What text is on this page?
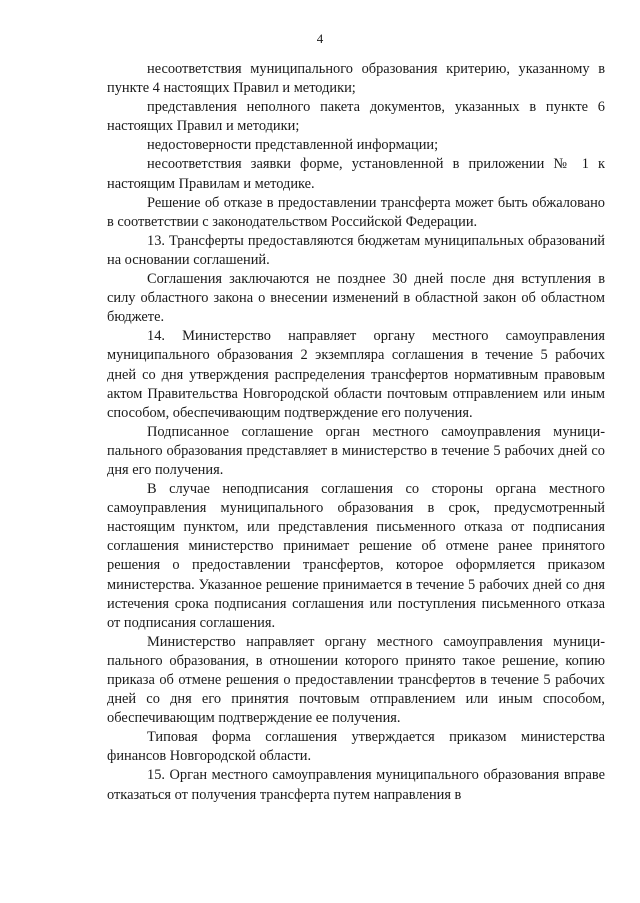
4

несоответствия муниципального образования критерию, указанному в пункте 4 настоящих Правил и методики;

представления неполного пакета документов, указанных в пункте 6 настоящих Правил и методики;

недостоверности представленной информации;

несоответствия заявки форме, установленной в приложении № 1 к настоящим Правилам и методике.

Решение об отказе в предоставлении трансферта может быть обжаловано в соответствии с законодательством Российской Федерации.

13. Трансферты предоставляются бюджетам муниципальных образований на основании соглашений.

Соглашения заключаются не позднее 30 дней после дня вступления в силу областного закона о внесении изменений в областной закон об областном бюджете.

14. Министерство направляет органу местного самоуправления муниципального образования 2 экземпляра соглашения в течение 5 рабочих дней со дня утверждения распределения трансфертов нормативным правовым актом Правительства Новгородской области почтовым отправлением или иным способом, обеспечивающим подтверждение его получения.

Подписанное соглашение орган местного самоуправления муниципального образования представляет в министерство в течение 5 рабочих дней со дня его получения.

В случае неподписания соглашения со стороны органа местного самоуправления муниципального образования в срок, предусмотренный настоящим пунктом, или представления письменного отказа от подписания соглашения министерство принимает решение об отмене ранее принятого решения о предоставлении трансфертов, которое оформляется приказом министерства. Указанное решение принимается в течение 5 рабочих дней со дня истечения срока подписания соглашения или поступления письменного отказа от подписания соглашения.

Министерство направляет органу местного самоуправления муниципального образования, в отношении которого принято такое решение, копию приказа об отмене решения о предоставлении трансфертов в течение 5 рабочих дней со дня его принятия почтовым отправлением или иным способом, обеспечивающим подтверждение ее получения.

Типовая форма соглашения утверждается приказом министерства финансов Новгородской области.

15. Орган местного самоуправления муниципального образования вправе отказаться от получения трансферта путем направления в
